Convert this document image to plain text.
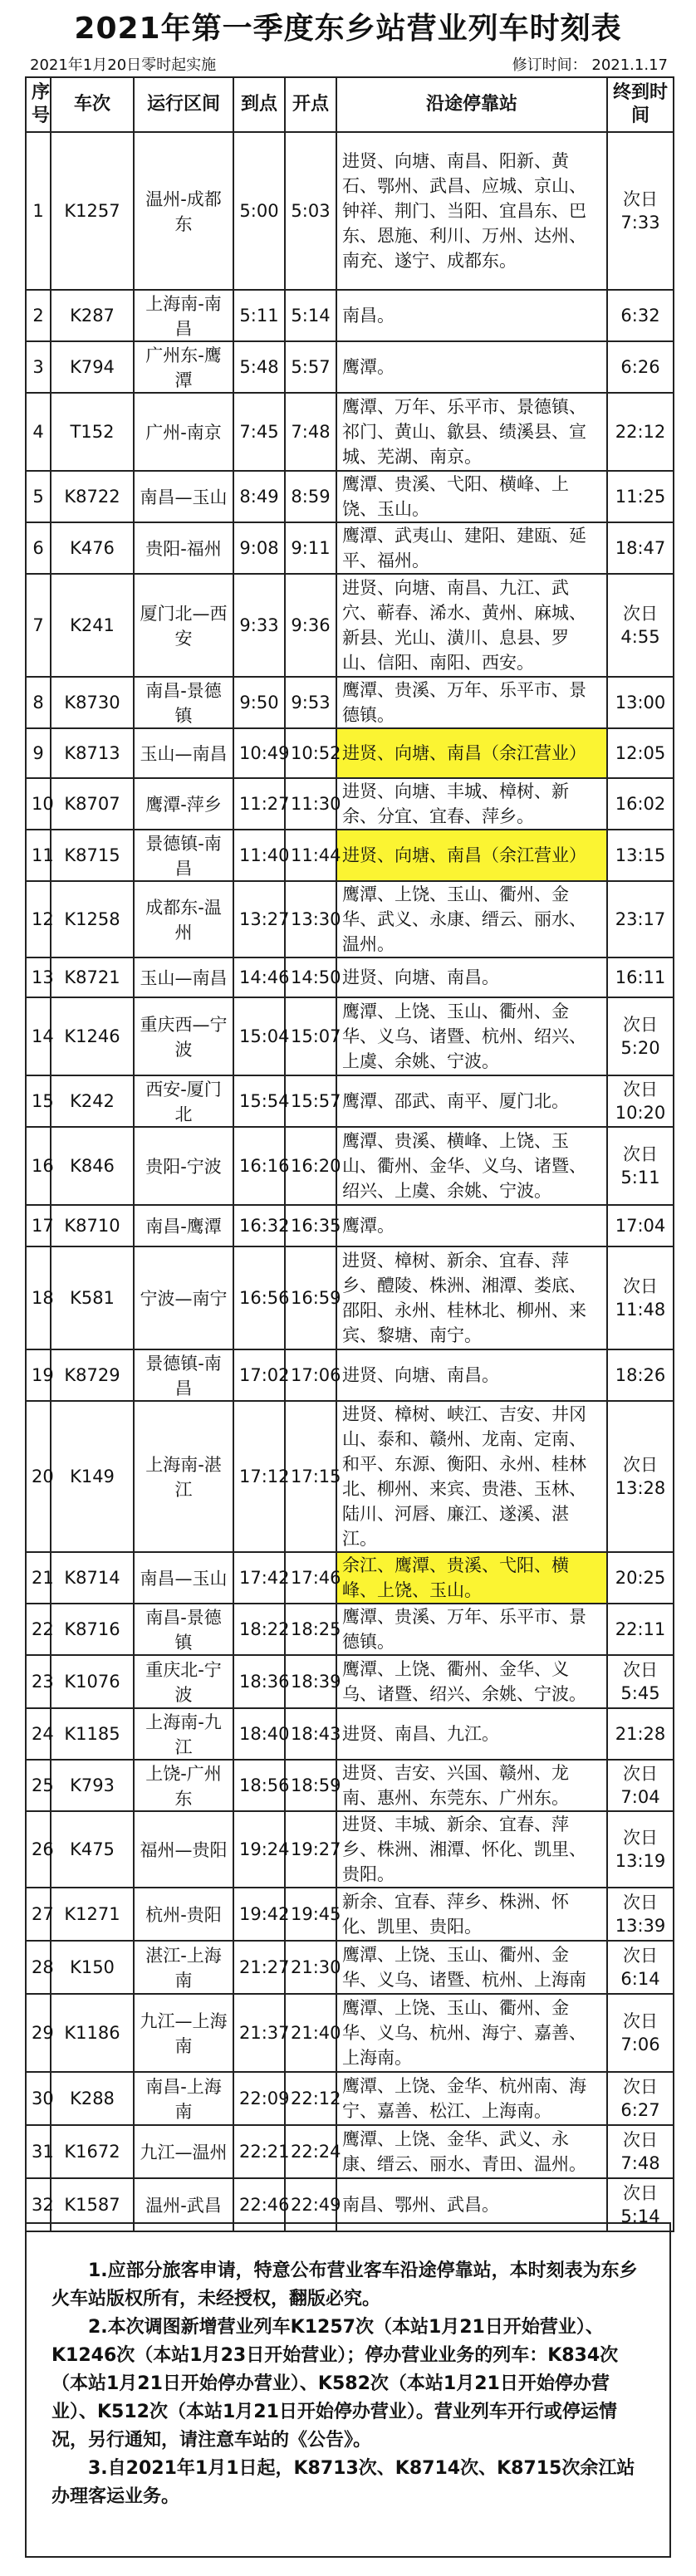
2021年第一季度东乡站营业列车时刻表
2021年1月20日零时起实施	修订时间： 2021.1.17
序号	车次	运行区间	到点	开点	沿途停靠站	终到时间
1	K1257	温州-成都东	5:00	5:03	进贤、向塘、南昌、阳新、黄石、鄂州、武昌、应城、京山、钟祥、荆门、当阳、宜昌东、巴东、恩施、利川、万州、达州、南充、遂宁、成都东。	次日 7:33
2	K287	上海南-南昌	5:11	5:14	南昌。	6:32
3	K794	广州东-鹰潭	5:48	5:57	鹰潭。	6:26
4	T152	广州-南京	7:45	7:48	鹰潭、万年、乐平市、景德镇、祁门、黄山、歙县、绩溪县、宣城、芜湖、南京。	22:12
5	K8722	南昌—玉山	8:49	8:59	鹰潭、贵溪、弋阳、横峰、上饶、玉山。	11:25
6	K476	贵阳-福州	9:08	9:11	鹰潭、武夷山、建阳、建瓯、延平、福州。	18:47
7	K241	厦门北—西安	9:33	9:36	进贤、向塘、南昌、九江、武穴、蕲春、浠水、黄州、麻城、新县、光山、潢川、息县、罗山、信阳、南阳、西安。	次日 4:55
8	K8730	南昌-景德镇	9:50	9:53	鹰潭、贵溪、万年、乐平市、景德镇。	13:00
9	K8713	玉山—南昌	10:49	10:52	进贤、向塘、南昌（余江营业）	12:05
10	K8707	鹰潭-萍乡	11:27	11:30	进贤、向塘、丰城、樟树、新余、分宜、宜春、萍乡。	16:02
11	K8715	景德镇-南昌	11:40	11:44	进贤、向塘、南昌（余江营业）	13:15
12	K1258	成都东-温州	13:27	13:30	鹰潭、上饶、玉山、衢州、金华、武义、永康、缙云、丽水、温州。	23:17
13	K8721	玉山—南昌	14:46	14:50	进贤、向塘、南昌。	16:11
14	K1246	重庆西—宁波	15:04	15:07	鹰潭、上饶、玉山、衢州、金华、义乌、诸暨、杭州、绍兴、上虞、余姚、宁波。	次日 5:20
15	K242	西安-厦门北	15:54	15:57	鹰潭、邵武、南平、厦门北。	次日 10:20
16	K846	贵阳-宁波	16:16	16:20	鹰潭、贵溪、横峰、上饶、玉山、衢州、金华、义乌、诸暨、绍兴、上虞、余姚、宁波。	次日 5:11
17	K8710	南昌-鹰潭	16:32	16:35	鹰潭。	17:04
18	K581	宁波—南宁	16:56	16:59	进贤、樟树、新余、宜春、萍乡、醴陵、株洲、湘潭、娄底、邵阳、永州、桂林北、柳州、来宾、黎塘、南宁。	次日 11:48
19	K8729	景德镇-南昌	17:02	17:06	进贤、向塘、南昌。	18:26
20	K149	上海南-湛江	17:12	17:15	进贤、樟树、峡江、吉安、井冈山、泰和、赣州、龙南、定南、和平、东源、衡阳、永州、桂林北、柳州、来宾、贵港、玉林、陆川、河唇、廉江、遂溪、湛江。	次日 13:28
21	K8714	南昌—玉山	17:42	17:46	余江、鹰潭、贵溪、弋阳、横峰、上饶、玉山。	20:25
22	K8716	南昌-景德镇	18:22	18:25	鹰潭、贵溪、万年、乐平市、景德镇。	22:11
23	K1076	重庆北-宁波	18:36	18:39	鹰潭、上饶、衢州、金华、义乌、诸暨、绍兴、余姚、宁波。	次日 5:45
24	K1185	上海南-九江	18:40	18:43	进贤、南昌、九江。	21:28
25	K793	上饶-广州东	18:56	18:59	进贤、吉安、兴国、赣州、龙南、惠州、东莞东、广州东。	次日 7:04
26	K475	福州—贵阳	19:24	19:27	进贤、丰城、新余、宜春、萍乡、株洲、湘潭、怀化、凯里、贵阳。	次日 13:19
27	K1271	杭州-贵阳	19:42	19:45	新余、宜春、萍乡、株洲、怀化、凯里、贵阳。	次日 13:39
28	K150	湛江-上海南	21:27	21:30	鹰潭、上饶、玉山、衢州、金华、义乌、诸暨、杭州、上海南	次日 6:14
29	K1186	九江—上海南	21:37	21:40	鹰潭、上饶、玉山、衢州、金华、义乌、杭州、海宁、嘉善、上海南。	次日 7:06
30	K288	南昌-上海南	22:09	22:12	鹰潭、上饶、金华、杭州南、海宁、嘉善、松江、上海南。	次日 6:27
31	K1672	九江—温州	22:21	22:24	鹰潭、上饶、金华、武义、永康、缙云、丽水、青田、温州。	次日 7:48
32	K1587	温州-武昌	22:46	22:49	南昌、鄂州、武昌。	次日 5:14

1.应部分旅客申请，特意公布营业客车沿途停靠站，本时刻表为东乡火车站版权所有，未经授权，翻版必究。

2.本次调图新增营业列车K1257次（本站1月21日开始营业）、K1246次（本站1月23日开始营业）；停办营业业务的列车：K834次（本站1月21日开始停办营业）、K582次（本站1月21日开始停办营业）、K512次（本站1月21日开始停办营业）。营业列车开行或停运情况，另行通知，请注意车站的《公告》。

3.自2021年1月1日起，K8713次、K8714次、K8715次余江站办理客运业务。
